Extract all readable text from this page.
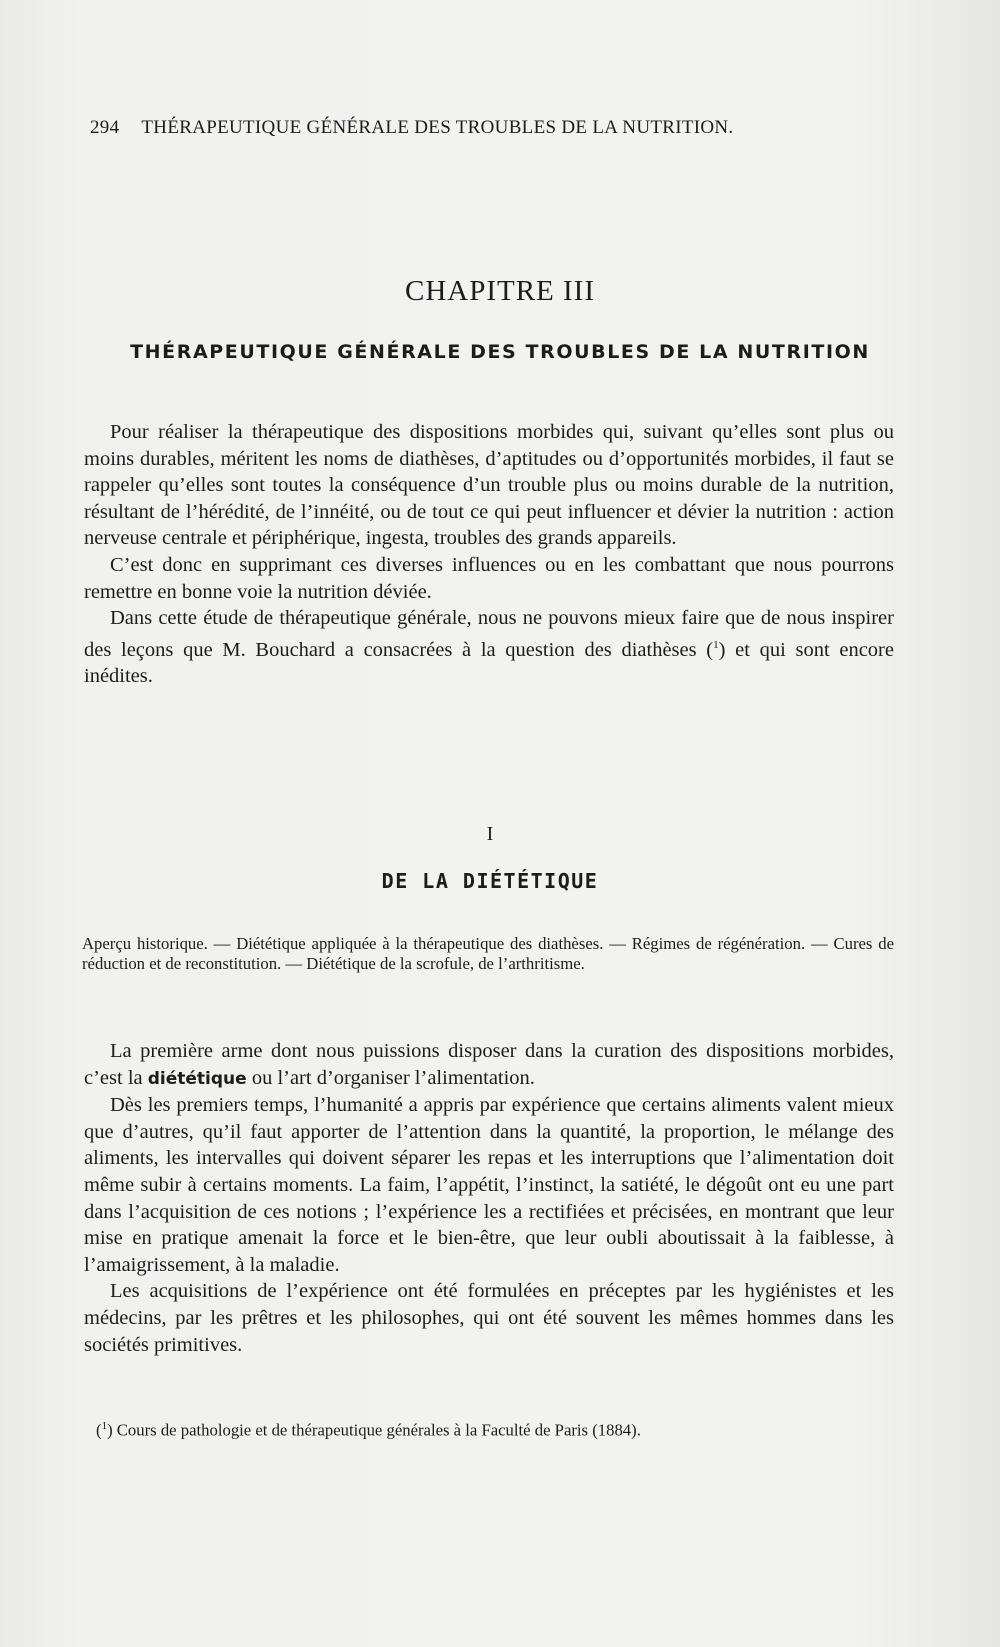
294 THÉRAPEUTIQUE GÉNÉRALE DES TROUBLES DE LA NUTRITION.
CHAPITRE III
THÉRAPEUTIQUE GÉNÉRALE DES TROUBLES DE LA NUTRITION

Pour réaliser la thérapeutique des dispositions morbides qui, suivant qu’elles sont plus ou moins durables, méritent les noms de diathèses, d’aptitudes ou d’opportunités morbides, il faut se rappeler qu’elles sont toutes la conséquence d’un trouble plus ou moins durable de la nutrition, résultant de l’hérédité, de l’innéité, ou de tout ce qui peut influencer et dévier la nutrition : action nerveuse centrale et périphérique, ingesta, troubles des grands appareils.

C’est donc en supprimant ces diverses influences ou en les combattant que nous pourrons remettre en bonne voie la nutrition déviée.

Dans cette étude de thérapeutique générale, nous ne pouvons mieux faire que de nous inspirer des leçons que M. Bouchard a consacrées à la question des diathèses ($^1$) et qui sont encore inédites.

I
DE LA DIÉTÉTIQUE
Aperçu historique. — Diététique appliquée à la thérapeutique des diathèses. — Régimes de régénération. — Cures de réduction et de reconstitution. — Diététique de la scrofule, de l’arthritisme.

La première arme dont nous puissions disposer dans la curation des dispositions morbides, c’est la diététique ou l’art d’organiser l’alimentation.

Dès les premiers temps, l’humanité a appris par expérience que certains aliments valent mieux que d’autres, qu’il faut apporter de l’attention dans la quantité, la proportion, le mélange des aliments, les intervalles qui doivent séparer les repas et les interruptions que l’alimentation doit même subir à certains moments. La faim, l’appétit, l’instinct, la satiété, le dégoût ont eu une part dans l’acquisition de ces notions ; l’expérience les a rectifiées et précisées, en montrant que leur mise en pratique amenait la force et le bien-être, que leur oubli aboutissait à la faiblesse, à l’amaigrissement, à la maladie.

Les acquisitions de l’expérience ont été formulées en préceptes par les hygiénistes et les médecins, par les prêtres et les philosophes, qui ont été souvent les mêmes hommes dans les sociétés primitives.

($^1$) Cours de pathologie et de thérapeutique générales à la Faculté de Paris (1884).
